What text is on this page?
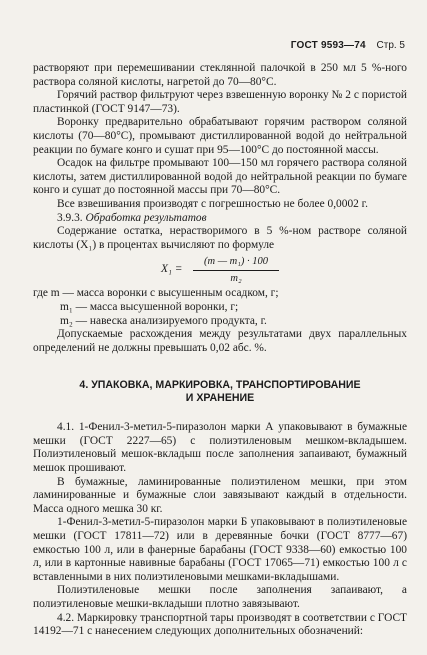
ГОСТ 9593—74 Стр. 5

растворяют при перемешивании стеклянной палочкой в 250 мл 5 %-ного раствора соляной кислоты, нагретой до 70—80°С.

Горячий раствор фильтруют через взвешенную воронку № 2 с пористой пластинкой (ГОСТ 9147—73).

Воронку предварительно обрабатывают горячим раствором соляной кислоты (70—80°С), промывают дистиллированной водой до нейтральной реакции по бумаге конго и сушат при 95—100°С до постоянной массы.

Осадок на фильтре промывают 100—150 мл горячего раствора соляной кислоты, затем дистиллированной водой до нейтральной реакции по бумаге конго и сушат до постоянной массы при 70—80°С.

Все взвешивания производят с погрешностью не более 0,0002 г.

3.9.3. Обработка результатов

Содержание остатка, нерастворимого в 5 %-ном растворе соляной кислоты (X₁) в процентах вычисляют по формуле

$X_1 = \frac{\text{(m — m₁) · 100}}{\text{m₂}}$
где m — масса воронки с высушенным осадком, г;
m₁ — масса высушенной воронки, г;
m₂ — навеска анализируемого продукта, г.

Допускаемые расхождения между результатами двух параллельных определений не должны превышать 0,02 абс. %.

4. УПАКОВКА, МАРКИРОВКА, ТРАНСПОРТИРОВАНИЕ
И ХРАНЕНИЕ

4.1. 1-Фенил-3-метил-5-пиразолон марки А упаковывают в бумажные мешки (ГОСТ 2227—65) с полиэтиленовым мешком-вкладышем. Полиэтиленовый мешок-вкладыш после заполнения запаивают, бумажный мешок прошивают.

В бумажные, ламинированные полиэтиленом мешки, при этом ламинированные и бумажные слои завязывают каждый в отдельности. Масса одного мешка 30 кг.

1-Фенил-3-метил-5-пиразолон марки Б упаковывают в полиэтиленовые мешки (ГОСТ 17811—72) или в деревянные бочки (ГОСТ 8777—67) емкостью 100 л, или в фанерные барабаны (ГОСТ 9338—60) емкостью 100 л, или в картонные навивные барабаны (ГОСТ 17065—71) емкостью 100 л с вставленными в них полиэтиленовыми мешками-вкладышами.

Полиэтиленовые мешки после заполнения запаивают, а полиэтиленовые мешки-вкладыши плотно завязывают.

4.2. Маркировку транспортной тары производят в соответствии с ГОСТ 14192—71 с нанесением следующих дополнительных обозначений:
